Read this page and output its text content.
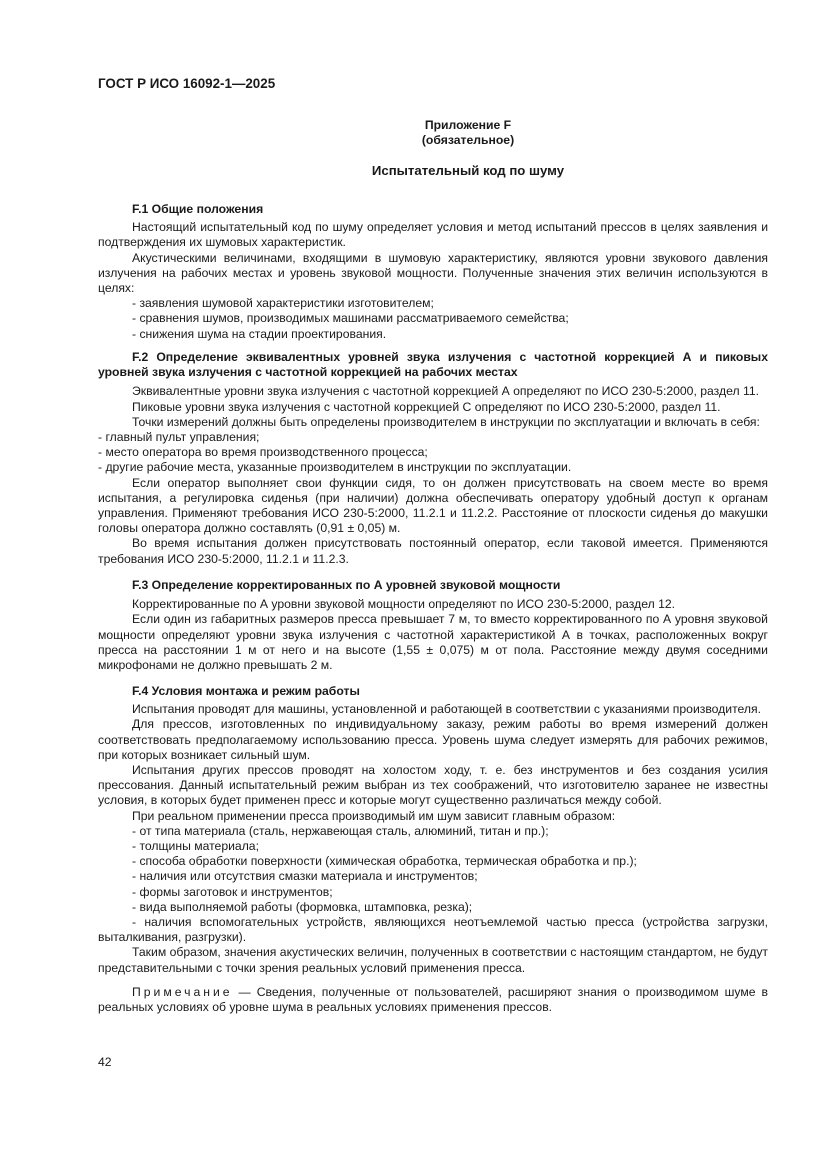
ГОСТ Р ИСО 16092-1—2025
Приложение F
(обязательное)
Испытательный код по шуму
F.1 Общие положения

Настоящий испытательный код по шуму определяет условия и метод испытаний прессов в целях заявления и подтверждения их шумовых характеристик.

Акустическими величинами, входящими в шумовую характеристику, являются уровни звукового давления излучения на рабочих местах и уровень звуковой мощности. Полученные значения этих величин используются в целях:

- заявления шумовой характеристики изготовителем;

- сравнения шумов, производимых машинами рассматриваемого семейства;

- снижения шума на стадии проектирования.

F.2 Определение эквивалентных уровней звука излучения с частотной коррекцией А и пиковых уровней звука излучения с частотной коррекцией на рабочих местах

Эквивалентные уровни звука излучения с частотной коррекцией А определяют по ИСО 230-5:2000, раздел 11.

Пиковые уровни звука излучения с частотной коррекцией С определяют по ИСО 230-5:2000, раздел 11.

Точки измерений должны быть определены производителем в инструкции по эксплуатации и включать в себя:

- главный пульт управления;

- место оператора во время производственного процесса;

- другие рабочие места, указанные производителем в инструкции по эксплуатации.

Если оператор выполняет свои функции сидя, то он должен присутствовать на своем месте во время испытания, а регулировка сиденья (при наличии) должна обеспечивать оператору удобный доступ к органам управления. Применяют требования ИСО 230-5:2000, 11.2.1 и 11.2.2. Расстояние от плоскости сиденья до макушки головы оператора должно составлять (0,91 ± 0,05) м.

Во время испытания должен присутствовать постоянный оператор, если таковой имеется. Применяются требования ИСО 230-5:2000, 11.2.1 и 11.2.3.

F.3 Определение корректированных по А уровней звуковой мощности

Корректированные по А уровни звуковой мощности определяют по ИСО 230-5:2000, раздел 12.

Если один из габаритных размеров пресса превышает 7 м, то вместо корректированного по А уровня звуковой мощности определяют уровни звука излучения с частотной характеристикой А в точках, расположенных вокруг пресса на расстоянии 1 м от него и на высоте (1,55 ± 0,075) м от пола. Расстояние между двумя соседними микрофонами не должно превышать 2 м.

F.4 Условия монтажа и режим работы

Испытания проводят для машины, установленной и работающей в соответствии с указаниями производителя.

Для прессов, изготовленных по индивидуальному заказу, режим работы во время измерений должен соответствовать предполагаемому использованию пресса. Уровень шума следует измерять для рабочих режимов, при которых возникает сильный шум.

Испытания других прессов проводят на холостом ходу, т. е. без инструментов и без создания усилия прессования. Данный испытательный режим выбран из тех соображений, что изготовителю заранее не известны условия, в которых будет применен пресс и которые могут существенно различаться между собой.

При реальном применении пресса производимый им шум зависит главным образом:

- от типа материала (сталь, нержавеющая сталь, алюминий, титан и пр.);

- толщины материала;

- способа обработки поверхности (химическая обработка, термическая обработка и пр.);

- наличия или отсутствия смазки материала и инструментов;

- формы заготовок и инструментов;

- вида выполняемой работы (формовка, штамповка, резка);

- наличия вспомогательных устройств, являющихся неотъемлемой частью пресса (устройства загрузки, выталкивания, разгрузки).

Таким образом, значения акустических величин, полученных в соответствии с настоящим стандартом, не будут представительными с точки зрения реальных условий применения пресса.

Примечание — Сведения, полученные от пользователей, расширяют знания о производимом шуме в реальных условиях об уровне шума в реальных условиях применения прессов.

42
